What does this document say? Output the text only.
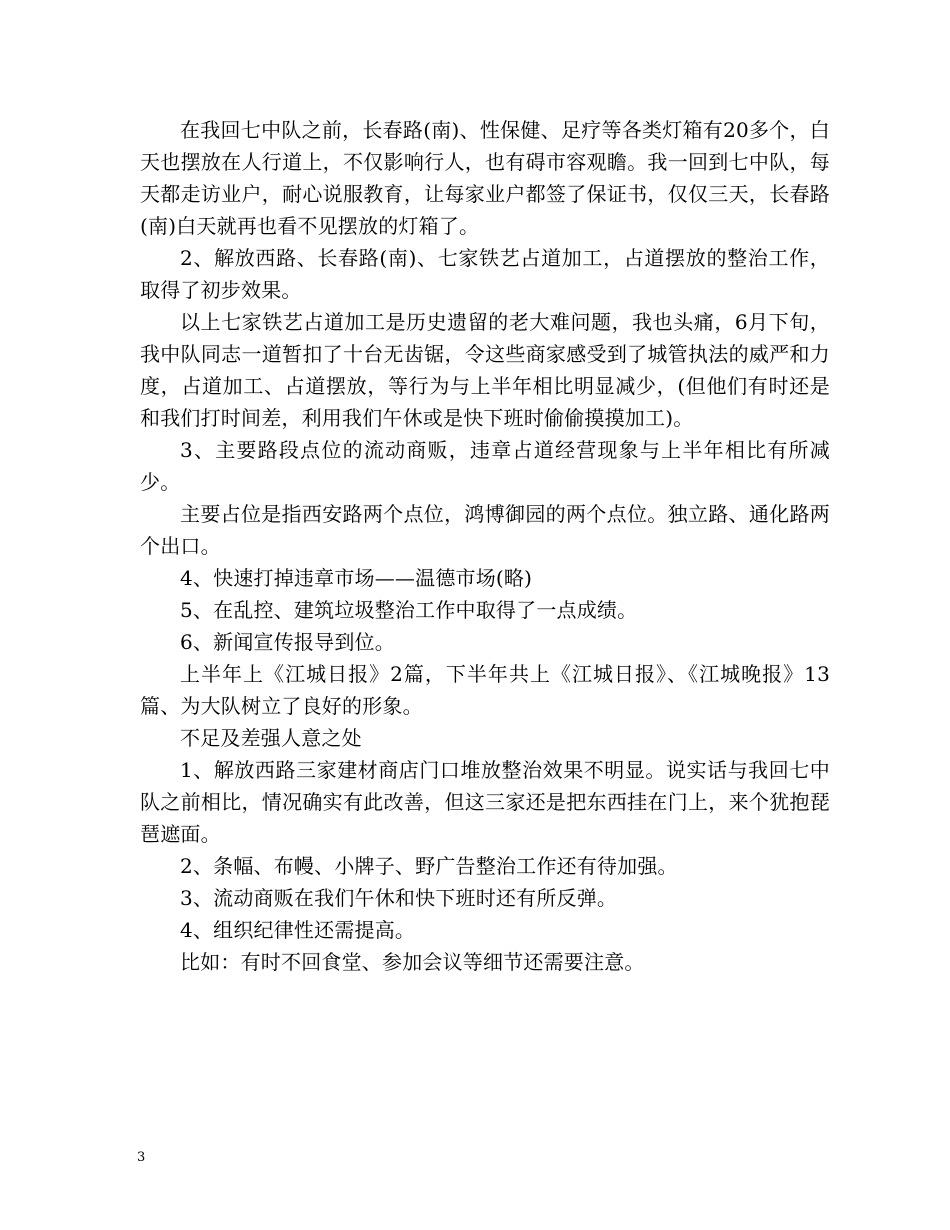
在我回七中队之前，长春路(南)、性保健、足疗等各类灯箱有20多个，白天也摆放在人行道上，不仅影响行人，也有碍市容观瞻。我一回到七中队，每天都走访业户，耐心说服教育，让每家业户都签了保证书，仅仅三天，长春路(南)白天就再也看不见摆放的灯箱了。

2、解放西路、长春路(南)、七家铁艺占道加工，占道摆放的整治工作，取得了初步效果。

以上七家铁艺占道加工是历史遗留的老大难问题，我也头痛，6月下旬，我中队同志一道暂扣了十台无齿锯，令这些商家感受到了城管执法的威严和力度，占道加工、占道摆放，等行为与上半年相比明显减少，(但他们有时还是和我们打时间差，利用我们午休或是快下班时偷偷摸摸加工)。

3、主要路段点位的流动商贩，违章占道经营现象与上半年相比有所减少。

主要占位是指西安路两个点位，鸿博御园的两个点位。独立路、通化路两个出口。

4、快速打掉违章市场——温德市场(略)

5、在乱控、建筑垃圾整治工作中取得了一点成绩。

6、新闻宣传报导到位。

上半年上《江城日报》2篇，下半年共上《江城日报》、《江城晚报》13篇、为大队树立了良好的形象。

不足及差强人意之处

1、解放西路三家建材商店门口堆放整治效果不明显。说实话与我回七中队之前相比，情况确实有此改善，但这三家还是把东西挂在门上，来个犹抱琵琶遮面。

2、条幅、布幔、小牌子、野广告整治工作还有待加强。

3、流动商贩在我们午休和快下班时还有所反弹。

4、组织纪律性还需提高。

比如：有时不回食堂、参加会议等细节还需要注意。

3
